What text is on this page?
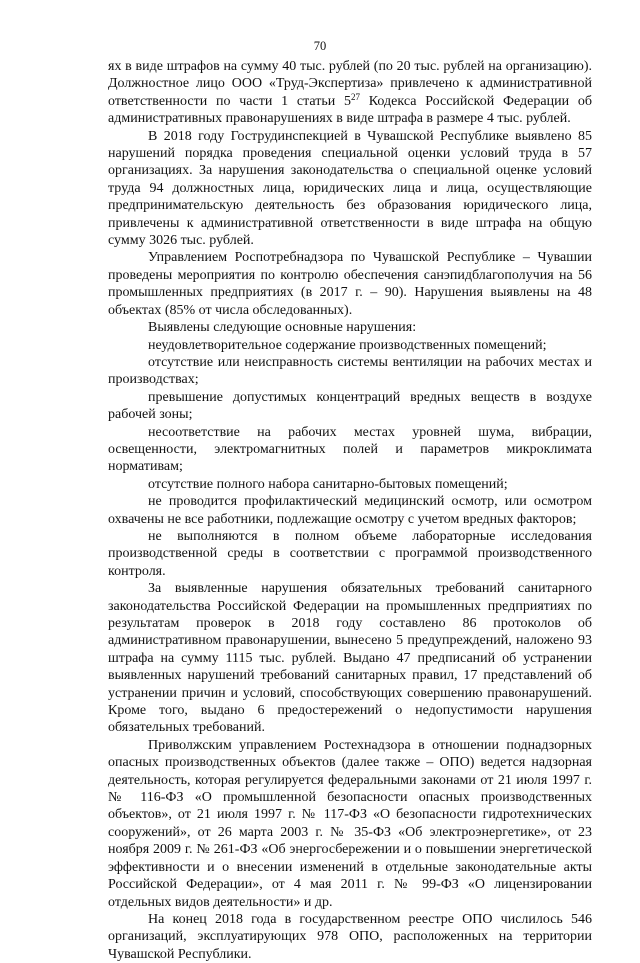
70

ях в виде штрафов на сумму 40 тыс. рублей (по 20 тыс. рублей на организацию). Должностное лицо ООО «Труд-Экспертиза» привлечено к административной ответственности по части 1 статьи $5^{27}$ Кодекса Российской Федерации об административных правонарушениях в виде штрафа в размере 4 тыс. рублей.

В 2018 году Гострудинспекцией в Чувашской Республике выявлено 85 нарушений порядка проведения специальной оценки условий труда в 57 организациях. За нарушения законодательства о специальной оценке условий труда 94 должностных лица, юридических лица и лица, осуществляющие предпринимательскую деятельность без образования юридического лица, привлечены к административной ответственности в виде штрафа на общую сумму 3026 тыс. рублей.

Управлением Роспотребнадзора по Чувашской Республике – Чувашии проведены мероприятия по контролю обеспечения санэпидблагополучия на 56 промышленных предприятиях (в 2017 г. – 90). Нарушения выявлены на 48 объектах (85% от числа обследованных).

Выявлены следующие основные нарушения:

неудовлетворительное содержание производственных помещений;

отсутствие или неисправность системы вентиляции на рабочих местах и производствах;

превышение допустимых концентраций вредных веществ в воздухе рабочей зоны;

несоответствие на рабочих местах уровней шума, вибрации, освещенности, электромагнитных полей и параметров микроклимата нормативам;

отсутствие полного набора санитарно-бытовых помещений;

не проводится профилактический медицинский осмотр, или осмотром охвачены не все работники, подлежащие осмотру с учетом вредных факторов;

не выполняются в полном объеме лабораторные исследования производственной среды в соответствии с программой производственного контроля.

За выявленные нарушения обязательных требований санитарного законодательства Российской Федерации на промышленных предприятиях по результатам проверок в 2018 году составлено 86 протоколов об административном правонарушении, вынесено 5 предупреждений, наложено 93 штрафа на сумму 1115 тыс. рублей. Выдано 47 предписаний об устранении выявленных нарушений требований санитарных правил, 17 представлений об устранении причин и условий, способствующих совершению правонарушений. Кроме того, выдано 6 предостережений о недопустимости нарушения обязательных требований.

Приволжским управлением Ростехнадзора в отношении поднадзорных опасных производственных объектов (далее также – ОПО) ведется надзорная деятельность, которая регулируется федеральными законами от 21 июля 1997 г. № 116-ФЗ «О промышленной безопасности опасных производственных объектов», от 21 июля 1997 г. № 117-ФЗ «О безопасности гидротехнических сооружений», от 26 марта 2003 г. № 35-ФЗ «Об электроэнергетике», от 23 ноября 2009 г. № 261-ФЗ «Об энергосбережении и о повышении энергетической эффективности и о внесении изменений в отдельные законодательные акты Российской Федерации», от 4 мая 2011 г. № 99-ФЗ «О лицензировании отдельных видов деятельности» и др.

На конец 2018 года в государственном реестре ОПО числилось 546 организаций, эксплуатирующих 978 ОПО, расположенных на территории Чувашской Республики.
